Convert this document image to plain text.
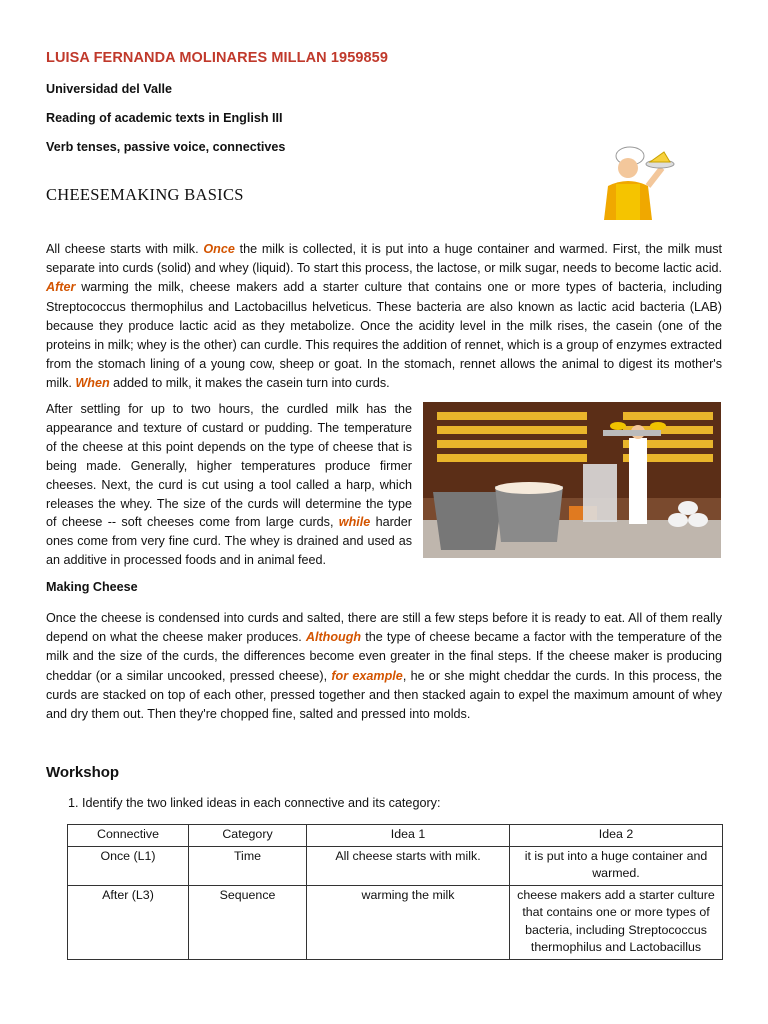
LUISA FERNANDA MOLINARES MILLAN 1959859
Universidad del Valle
Reading of academic texts in English III
Verb tenses, passive voice, connectives
CHEESEMAKING BASICS
All cheese starts with milk. Once the milk is collected, it is put into a huge container and warmed. First, the milk must separate into curds (solid) and whey (liquid). To start this process, the lactose, or milk sugar, needs to become lactic acid. After warming the milk, cheese makers add a starter culture that contains one or more types of bacteria, including Streptococcus thermophilus and Lactobacillus helveticus. These bacteria are also known as lactic acid bacteria (LAB) because they produce lactic acid as they metabolize. Once the acidity level in the milk rises, the casein (one of the proteins in milk; whey is the other) can curdle. This requires the addition of rennet, which is a group of enzymes extracted from the stomach lining of a young cow, sheep or goat. In the stomach, rennet allows the animal to digest its mother's milk. When added to milk, it makes the casein turn into curds.
After settling for up to two hours, the curdled milk has the appearance and texture of custard or pudding. The temperature of the cheese at this point depends on the type of cheese that is being made. Generally, higher temperatures produce firmer cheeses. Next, the curd is cut using a tool called a harp, which releases the whey. The size of the curds will determine the type of cheese -- soft cheeses come from large curds, while harder ones come from very fine curd. The whey is drained and used as an additive in processed foods and in animal feed.
Making Cheese
Once the cheese is condensed into curds and salted, there are still a few steps before it is ready to eat. All of them really depend on what the cheese maker produces. Although the type of cheese became a factor with the temperature of the milk and the size of the curds, the differences become even greater in the final steps. If the cheese maker is producing cheddar (or a similar uncooked, pressed cheese), for example, he or she might cheddar the curds. In this process, the curds are stacked on top of each other, pressed together and then stacked again to expel the maximum amount of whey and dry them out. Then they're chopped fine, salted and pressed into molds.
Workshop
1. Identify the two linked ideas in each connective and its category:
Connective	Category	Idea 1	Idea 2
Once (L1)	Time	All cheese starts with milk.	it is put into a huge container and warmed.
After (L3)	Sequence	warming the milk	cheese makers add a starter culture that contains one or more types of bacteria, including Streptococcus thermophilus and Lactobacillus
